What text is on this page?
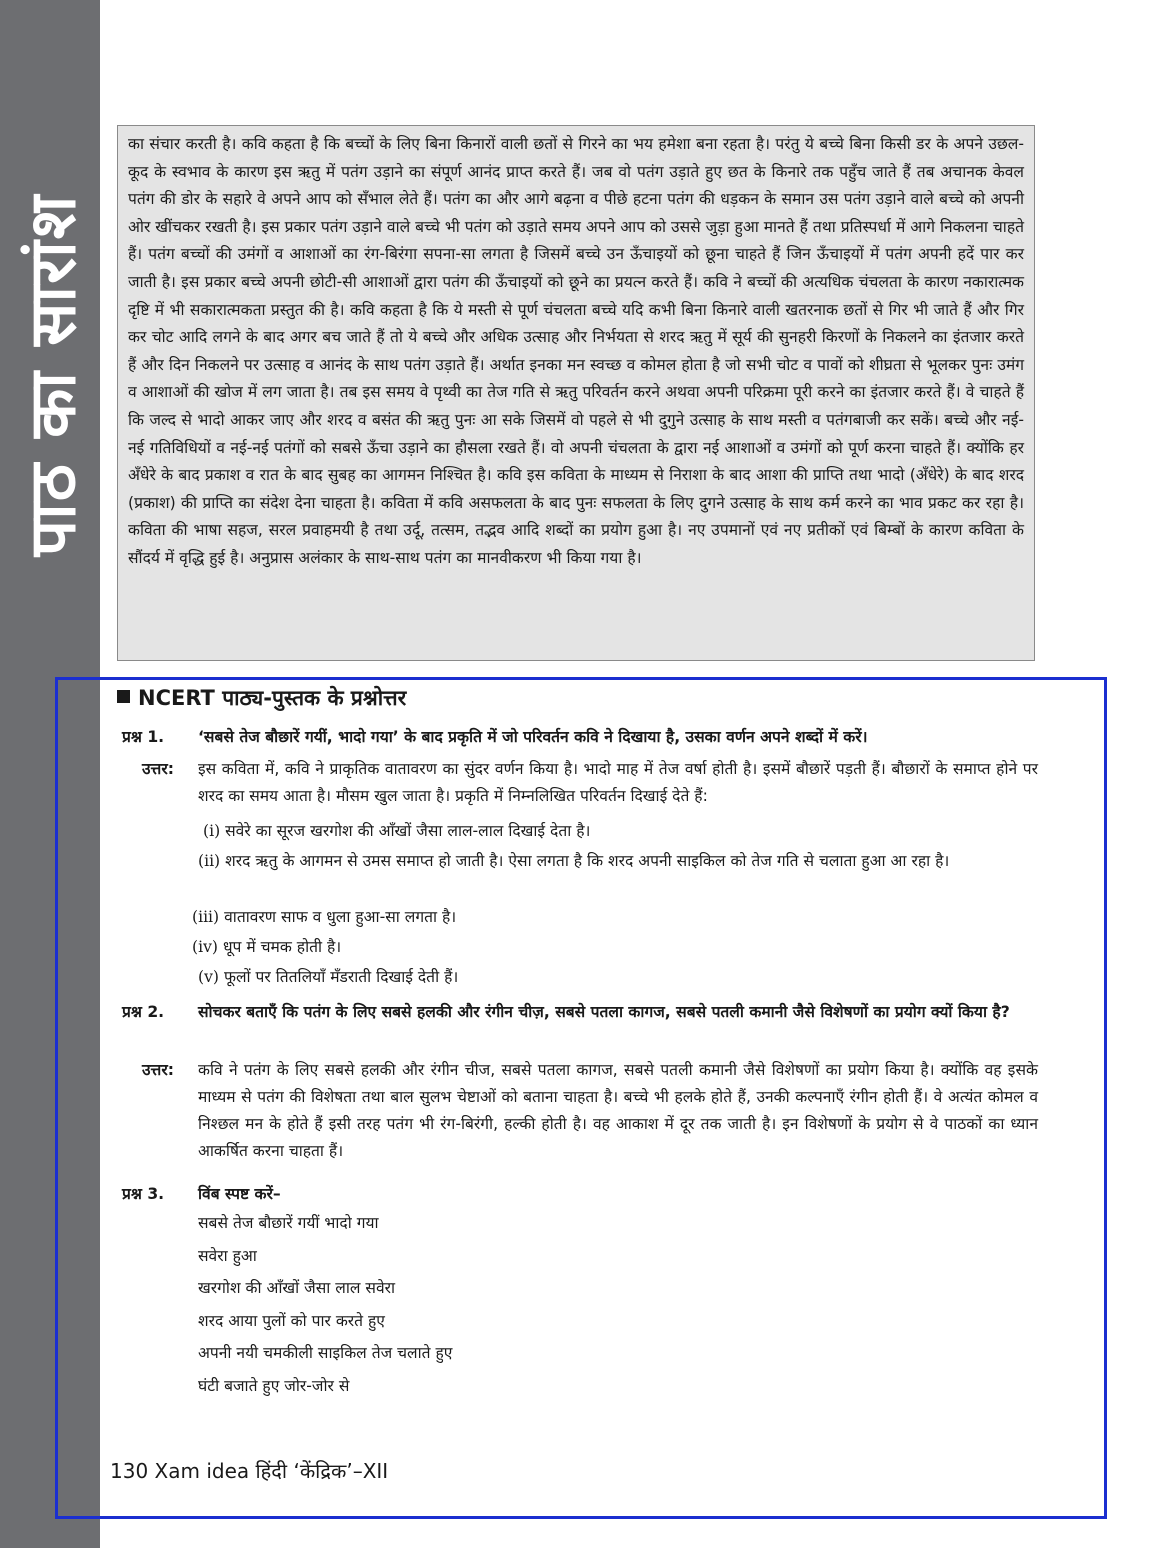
पाठ का सारांश
का संचार करती है। कवि कहता है कि बच्चों के लिए बिना किनारों वाली छतों से गिरने का भय हमेशा बना रहता है। परंतु ये बच्चे बिना किसी डर के अपने उछल-कूद के स्वभाव के कारण इस ऋतु में पतंग उड़ाने का संपूर्ण आनंद प्राप्त करते हैं। जब वो पतंग उड़ाते हुए छत के किनारे तक पहुँच जाते हैं तब अचानक केवल पतंग की डोर के सहारे वे अपने आप को सँभाल लेते हैं। पतंग का और आगे बढ़ना व पीछे हटना पतंग की धड़कन के समान उस पतंग उड़ाने वाले बच्चे को अपनी ओर खींचकर रखती है। इस प्रकार पतंग उड़ाने वाले बच्चे भी पतंग को उड़ाते समय अपने आप को उससे जुड़ा हुआ मानते हैं तथा प्रतिस्पर्धा में आगे निकलना चाहते हैं। पतंग बच्चों की उमंगों व आशाओं का रंग-बिरंगा सपना-सा लगता है जिसमें बच्चे उन ऊँचाइयों को छूना चाहते हैं जिन ऊँचाइयों में पतंग अपनी हदें पार कर जाती है। इस प्रकार बच्चे अपनी छोटी-सी आशाओं द्वारा पतंग की ऊँचाइयों को छूने का प्रयत्न करते हैं। कवि ने बच्चों की अत्यधिक चंचलता के कारण नकारात्मक दृष्टि में भी सकारात्मकता प्रस्तुत की है। कवि कहता है कि ये मस्ती से पूर्ण चंचलता बच्चे यदि कभी बिना किनारे वाली खतरनाक छतों से गिर भी जाते हैं और गिर कर चोट आदि लगने के बाद अगर बच जाते हैं तो ये बच्चे और अधिक उत्साह और निर्भयता से शरद ऋतु में सूर्य की सुनहरी किरणों के निकलने का इंतजार करते हैं और दिन निकलने पर उत्साह व आनंद के साथ पतंग उड़ाते हैं। अर्थात इनका मन स्वच्छ व कोमल होता है जो सभी चोट व पावों को शीघ्रता से भूलकर पुनः उमंग व आशाओं की खोज में लग जाता है। तब इस समय वे पृथ्वी का तेज गति से ऋतु परिवर्तन करने अथवा अपनी परिक्रमा पूरी करने का इंतजार करते हैं। वे चाहते हैं कि जल्द से भादो आकर जाए और शरद व बसंत की ऋतु पुनः आ सके जिसमें वो पहले से भी दुगुने उत्साह के साथ मस्ती व पतंगबाजी कर सकें। बच्चे और नई-नई गतिविधियों व नई-नई पतंगों को सबसे ऊँचा उड़ाने का हौसला रखते हैं। वो अपनी चंचलता के द्वारा नई आशाओं व उमंगों को पूर्ण करना चाहते हैं। क्योंकि हर अँधेरे के बाद प्रकाश व रात के बाद सुबह का आगमन निश्चित है। कवि इस कविता के माध्यम से निराशा के बाद आशा की प्राप्ति तथा भादो (अँधेरे) के बाद शरद (प्रकाश) की प्राप्ति का संदेश देना चाहता है। कविता में कवि असफलता के बाद पुनः सफलता के लिए दुगने उत्साह के साथ कर्म करने का भाव प्रकट कर रहा है। कविता की भाषा सहज, सरल प्रवाहमयी है तथा उर्दू, तत्सम, तद्भव आदि शब्दों का प्रयोग हुआ है। नए उपमानों एवं नए प्रतीकों एवं बिम्बों के कारण कविता के सौंदर्य में वृद्धि हुई है। अनुप्रास अलंकार के साथ-साथ पतंग का मानवीकरण भी किया गया है।
NCERT पाठ्य-पुस्तक के प्रश्नोत्तर
प्रश्न 1.	‘सबसे तेज बौछारें गयीं, भादो गया’ के बाद प्रकृति में जो परिवर्तन कवि ने दिखाया है, उसका वर्णन अपने शब्दों में करें।
उत्तर: इस कविता में, कवि ने प्राकृतिक वातावरण का सुंदर वर्णन किया है। भादो माह में तेज वर्षा होती है। इसमें बौछारें पड़ती हैं। बौछारों के समाप्त होने पर शरद का समय आता है। मौसम खुल जाता है। प्रकृति में निम्नलिखित परिवर्तन दिखाई देते हैं:
(i) सवेरे का सूरज खरगोश की आँखों जैसा लाल-लाल दिखाई देता है।
(ii) शरद ऋतु के आगमन से उमस समाप्त हो जाती है। ऐसा लगता है कि शरद अपनी साइकिल को तेज गति से चलाता हुआ आ रहा है।
(iii) वातावरण साफ व धुला हुआ-सा लगता है।
(iv) धूप में चमक होती है।
(v) फूलों पर तितलियाँ मँडराती दिखाई देती हैं।
प्रश्न 2.	सोचकर बताएँ कि पतंग के लिए सबसे हलकी और रंगीन चीज़, सबसे पतला कागज, सबसे पतली कमानी जैसे विशेषणों का प्रयोग क्यों किया है?
उत्तर: कवि ने पतंग के लिए सबसे हलकी और रंगीन चीज, सबसे पतला कागज, सबसे पतली कमानी जैसे विशेषणों का प्रयोग किया है। क्योंकि वह इसके माध्यम से पतंग की विशेषता तथा बाल सुलभ चेष्टाओं को बताना चाहता है। बच्चे भी हलके होते हैं, उनकी कल्पनाएँ रंगीन होती हैं। वे अत्यंत कोमल व निश्छल मन के होते हैं इसी तरह पतंग भी रंग-बिरंगी, हल्की होती है। वह आकाश में दूर तक जाती है। इन विशेषणों के प्रयोग से वे पाठकों का ध्यान आकर्षित करना चाहता हैं।
प्रश्न 3.	विंब स्पष्ट करें–
सबसे तेज बौछारें गयीं भादो गया
सवेरा हुआ
खरगोश की आँखों जैसा लाल सवेरा
शरद आया पुलों को पार करते हुए
अपनी नयी चमकीली साइकिल तेज चलाते हुए
घंटी बजाते हुए जोर-जोर से
130 Xam idea हिंदी ‘केंद्रिक’–XII
